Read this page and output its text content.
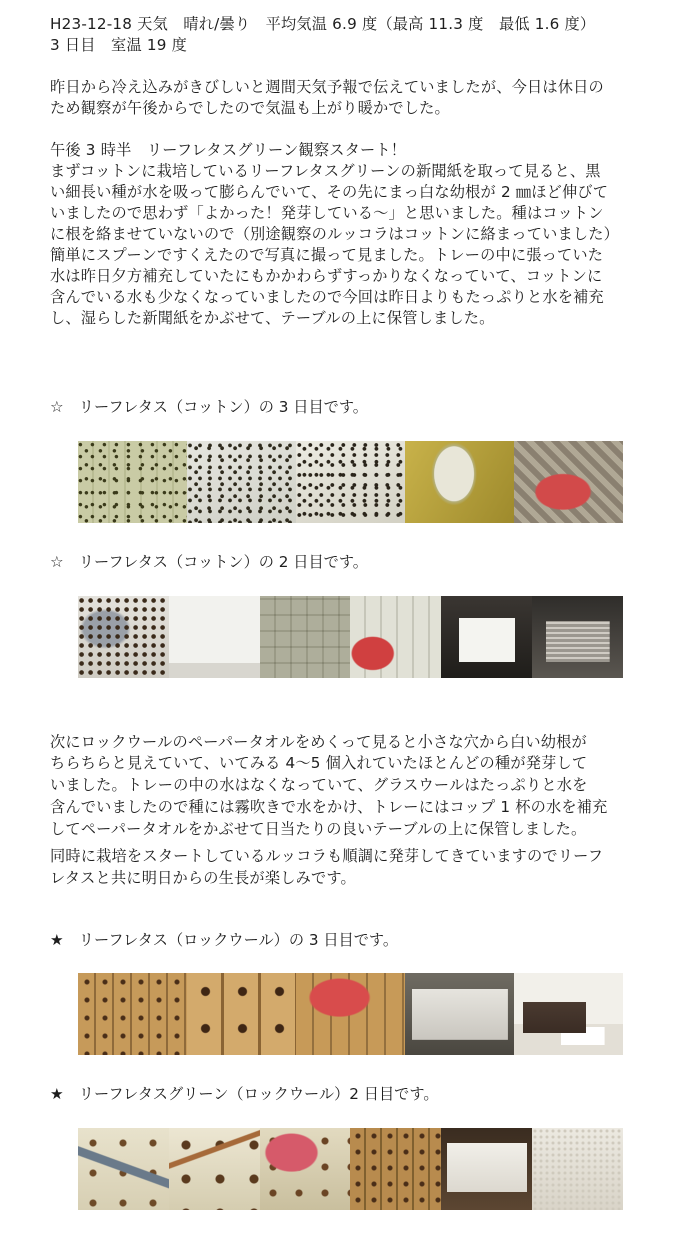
H23-12-18 天気　晴れ/曇り　平均気温 6.9 度（最高 11.3 度　最低 1.6 度）
3 日目　室温 19 度
昨日から冷え込みがきびしいと週間天気予報で伝えていましたが、今日は休日の
ため観察が午後からでしたので気温も上がり暖かでした。
午後 3 時半　リーフレタスグリーン観察スタート！
まずコットンに栽培しているリーフレタスグリーンの新聞紙を取って見ると、黒
い細長い種が水を吸って膨らんでいて、その先にまっ白な幼根が 2 ㎜ほど伸びて
いましたので思わず「よかった！発芽している～」と思いました。種はコットン
に根を絡ませていないので（別途観察のルッコラはコットンに絡まっていました）
簡単にスプーンですくえたので写真に撮って見ました。トレーの中に張っていた
水は昨日夕方補充していたにもかかわらずすっかりなくなっていて、コットンに
含んでいる水も少なくなっていましたので今回は昨日よりもたっぷりと水を補充
し、湿らした新聞紙をかぶせて、テーブルの上に保管しました。
☆　リーフレタス（コットン）の 3 日目です。
☆　リーフレタス（コットン）の 2 日目です。
次にロックウールのペーパータオルをめくって見ると小さな穴から白い幼根が
ちらちらと見えていて、いてみる 4～5 個入れていたほとんどの種が発芽して
いました。トレーの中の水はなくなっていて、グラスウールはたっぷりと水を
含んでいましたので種には霧吹きで水をかけ、トレーにはコップ 1 杯の水を補充
してペーパータオルをかぶせて日当たりの良いテーブルの上に保管しました。
同時に栽培をスタートしているルッコラも順調に発芽してきていますのでリーフ
レタスと共に明日からの生長が楽しみです。
★　リーフレタス（ロックウール）の 3 日目です。
★　リーフレタスグリーン（ロックウール）2 日目です。
